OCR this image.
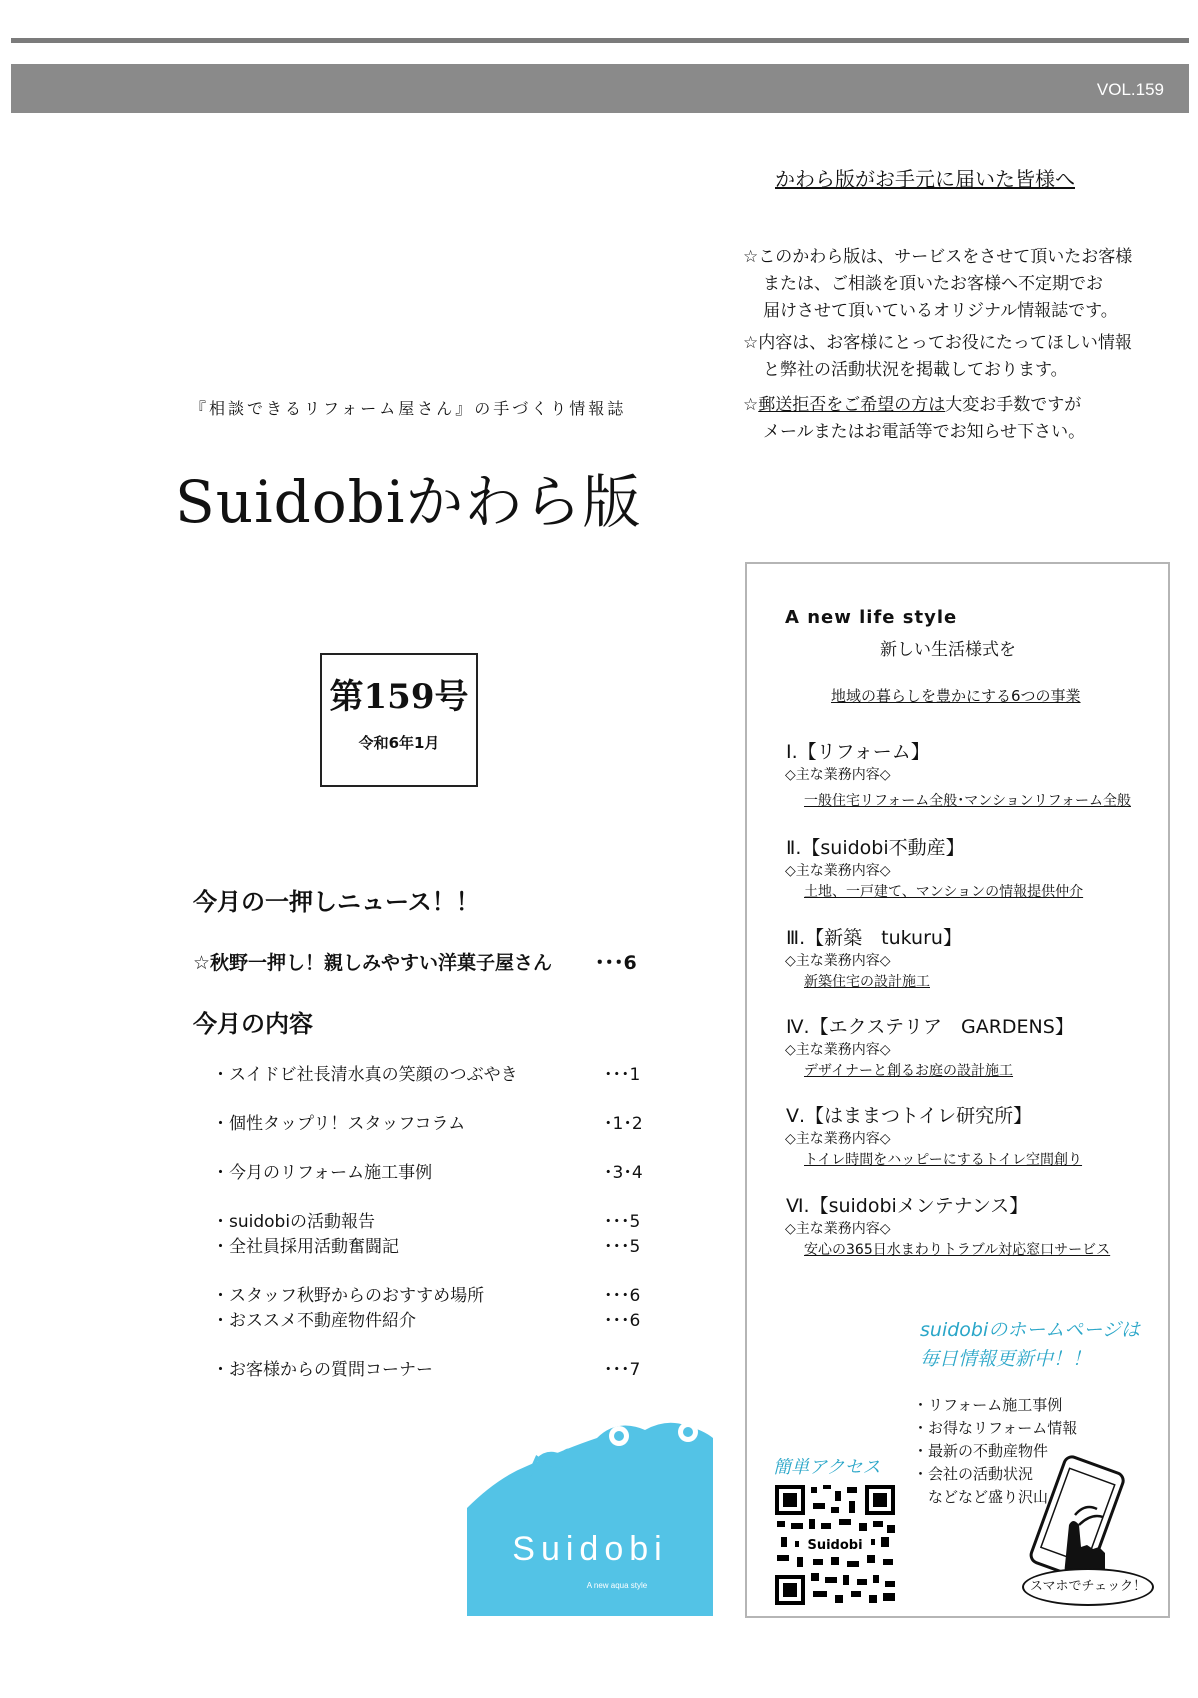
VOL.159
かわら版がお手元に届いた皆様へ
☆このかわら版は、サービスをさせて頂いたお客様
または、ご相談を頂いたお客様へ不定期でお
届けさせて頂いているオリジナル情報誌です。
☆内容は、お客様にとってお役にたってほしい情報
と弊社の活動状況を掲載しております。
☆郵送拒否をご希望の方は大変お手数ですが
メールまたはお電話等でお知らせ下さい。
『相談できるリフォーム屋さん』の手づくり情報誌
Suidobiかわら版
第159号
令和6年1月
今月の一押しニュース！！
☆秋野一押し！親しみやすい洋菓子屋さん ･･･6
今月の内容
・スイドビ社長清水真の笑顔のつぶやき	･･･1
・個性タップリ！スタッフコラム	･1･2
・今月のリフォーム施工事例	･3･4
・suidobiの活動報告	･･･5
・全社員採用活動奮闘記	･･･5
・スタッフ秋野からのおすすめ場所	･･･6
・おススメ不動産物件紹介	･･･6
・お客様からの質問コーナー	･･･7
A new life style
新しい生活様式を
地域の暮らしを豊かにする6つの事業
Ⅰ.【リフォーム】
◇主な業務内容◇
一般住宅リフォーム全般･マンションリフォーム全般
Ⅱ.【suidobi不動産】
◇主な業務内容◇
土地、一戸建て、マンションの情報提供仲介
Ⅲ.【新築　tukuru】
◇主な業務内容◇
新築住宅の設計施工
Ⅳ.【エクステリア　GARDENS】
◇主な業務内容◇
デザイナーと創るお庭の設計施工
Ⅴ.【はままつトイレ研究所】
◇主な業務内容◇
トイレ時間をハッピーにするトイレ空間創り
Ⅵ.【suidobiメンテナンス】
◇主な業務内容◇
安心の365日水まわりトラブル対応窓口サービス
suidobiのホームページは
毎日情報更新中！！
・リフォーム施工事例
・お得なリフォーム情報
・最新の不動産物件
・会社の活動状況
　などなど盛り沢山
簡単アクセス
Suidobi
スマホでチェック！
Suidobi
A new aqua style
